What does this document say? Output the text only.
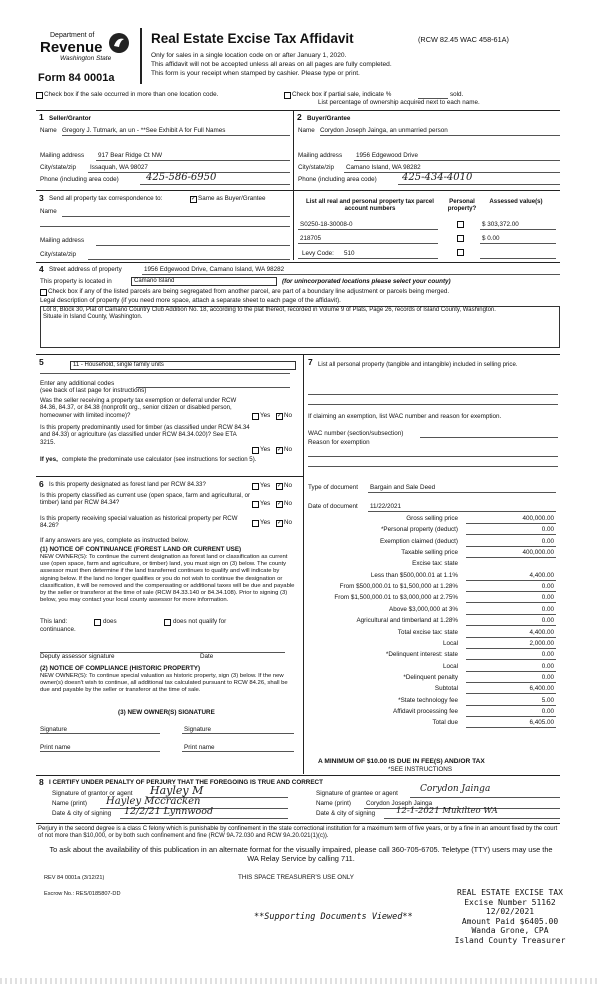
Department of
Revenue
Washington State
Form 84 0001a
Real Estate Excise Tax Affidavit	(RCW 82.45 WAC 458-61A)
Only for sales in a single location code on or after January 1, 2020.
This affidavit will not be accepted unless all areas on all pages are fully completed.
This form is your receipt when stamped by cashier. Please type or print.
Check box if the sale occurred in more than one location code.	Check box if partial sale, indicate %	sold.
List percentage of ownership acquired next to each name.
1 Seller/Grantor
Name Gregory J. Tutmark, an un - **See Exhibit A for Full Names
Mailing address 917 Bear Ridge Ct NW
City/state/zip Issaquah, WA 98027
Phone (including area code)	425-586-6950
2 Buyer/Grantee
Name Corydon Joseph Jainga, an unmarried person
Mailing address 1956 Edgewood Drive
City/state/zip Camano Island, WA 98282
Phone (including area code)	425-434-4010
3 Send all property tax correspondence to:	✓ Same as Buyer/Grantee
Name
Mailing address
City/state/zip
List all real and personal property tax parcel account numbers
Personal property?
Assessed value(s)
S0250-18-30008-0	$ 303,372.00
218705	$ 0.00
Levy Code: 510
4 Street address of property	1956 Edgewood Drive, Camano Island, WA 98282
This property is located in	Camano Island	(for unincorporated locations please select your county)
Check box if any of the listed parcels are being segregated from another parcel, are part of a boundary line adjustment or parcels being merged.
Legal description of property (if you need more space, attach a separate sheet to each page of the affidavit).
Lot 8, Block 30, Plat of Camano Country Club Addition No. 18, according to the plat thereof, recorded in Volume 9 of Plats, Page 26, records of Island County, Washington.
Situate in Island County, Washington.
5	11 - Household, single family units
Enter any additional codes
(see back of last page for instructions)
Was the seller receiving a property tax exemption or deferral under RCW 84.36, 84.37, or 84.38 (nonprofit org., senior citizen or disabled person, homeowner with limited income)?	Yes ✓ No
Is this property predominantly used for timber (as classified under RCW 84.34 and 84.33) or agriculture (as classified under RCW 84.34.020)? See ETA 3215.
Yes ✓ No
If yes, complete the predominate use calculator (see instructions for section 5).
7 List all personal property (tangible and intangible) included in selling price.
If claiming an exemption, list WAC number and reason for exemption.
WAC number (section/subsection)
Reason for exemption
6 Is this property designated as forest land per RCW 84.33?	Yes ✓ No
Is this property classified as current use (open space, farm and agricultural, or timber) land per RCW 84.34?	Yes ✓ No
Is this property receiving special valuation as historical property per RCW 84.26?	Yes ✓ No
If any answers are yes, complete as instructed below.
(1) NOTICE OF CONTINUANCE (FOREST LAND OR CURRENT USE)
NEW OWNER(S): To continue the current designation as forest land or classification as current use (open space, farm and agriculture, or timber) land, you must sign on (3) below. The county assessor must then determine if the land transferred continues to qualify and will indicate by signing below. If the land no longer qualifies or you do not wish to continue the designation or classification, it will be removed and the compensating or additional taxes will be due and payable by the seller or transferor at the time of sale (RCW 84.33.140 or 84.34.108). Prior to signing (3) below, you may contact your local county assessor for more information.
This land:	does	does not qualify for
continuance.
Deputy assessor signature	Date
(2) NOTICE OF COMPLIANCE (HISTORIC PROPERTY)
NEW OWNER(S): To continue special valuation as historic property, sign (3) below. If the new owner(s) doesn't wish to continue, all additional tax calculated pursuant to RCW 84.26, shall be due and payable by the seller or transferor at the time of sale.
(3) NEW OWNER(S) SIGNATURE
Signature	Signature
Print name	Print name
Type of document Bargain and Sale Deed
Date of document 11/22/2021
Gross selling price	400,000.00
*Personal property (deduct)	0.00
Exemption claimed (deduct)	0.00
Taxable selling price	400,000.00
Excise tax: state
Less than $500,000.01 at 1.1%	4,400.00
From $500,000.01 to $1,500,000 at 1.28%	0.00
From $1,500,000.01 to $3,000,000 at 2.75%	0.00
Above $3,000,000 at 3%	0.00
Agricultural and timberland at 1.28%	0.00
Total excise tax: state	4,400.00
Local	2,000.00
*Delinquent interest: state	0.00
Local	0.00
*Delinquent penalty	0.00
Subtotal	6,400.00
*State technology fee	5.00
Affidavit processing fee	0.00
Total due	6,405.00
A MINIMUM OF $10.00 IS DUE IN FEE(S) AND/OR TAX
*SEE INSTRUCTIONS
8 I CERTIFY UNDER PENALTY OF PERJURY THAT THE FOREGOING IS TRUE AND CORRECT
Signature of grantor or agent Hayley M
Name (print) Hayley Mccracken
Date & city of signing 12/2/21 Lynnwood
Signature of grantee or agent Corydon Jainga
Name (print) Corydon Joseph Jainga
Date & city of signing 12-1-2021 Mukilteo WA
Perjury in the second degree is a class C felony which is punishable by confinement in the state correctional institution for a maximum term of five years, or by a fine in an amount fixed by the court of not more than $10,000, or by both such confinement and fine (RCW 9A.72.030 and RCW 9A.20.021(1)(c)).
To ask about the availability of this publication in an alternate format for the visually impaired, please call 360-705-6705. Teletype (TTY) users may use the WA Relay Service by calling 711.
REV 84 0001a (3/12/21)	THIS SPACE TREASURER'S USE ONLY
Escrow No.: RES/0185807-DD
**Supporting Documents Viewed**
REAL ESTATE EXCISE TAX
Excise Number 51162
12/02/2021
Amount Paid $6405.00
Wanda Grone, CPA
Island County Treasurer
